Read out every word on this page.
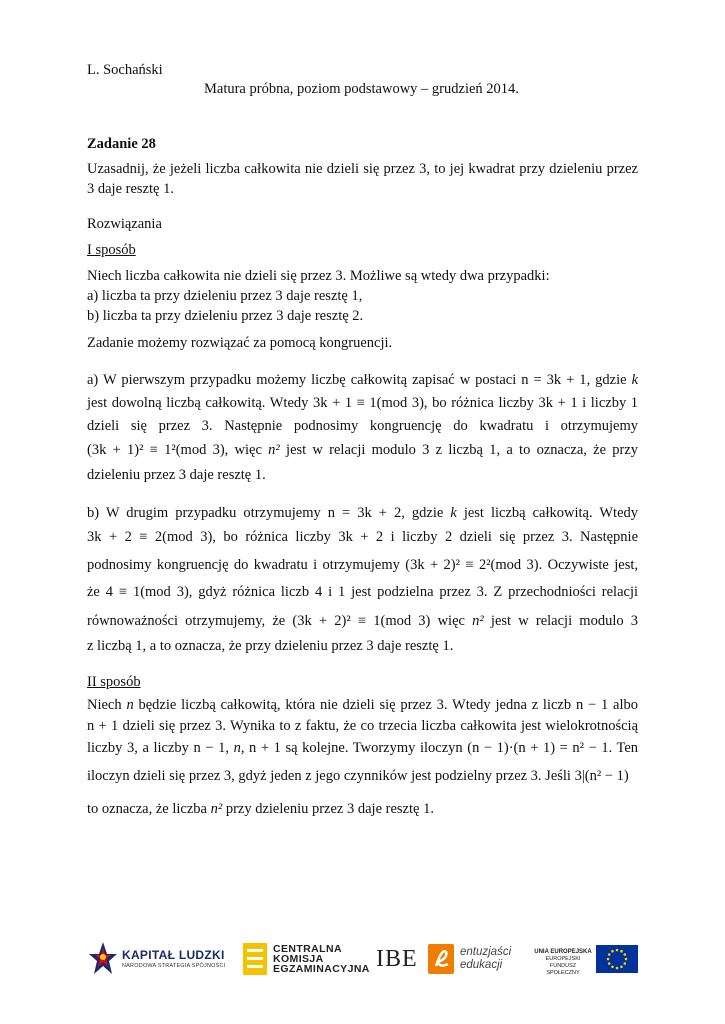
L. Sochański
Matura próbna, poziom podstawowy – grudzień 2014.
Zadanie 28
Uzasadnij, że jeżeli liczba całkowita nie dzieli się przez 3, to jej kwadrat przy dzieleniu przez
3 daje resztę 1.
Rozwiązania
I sposób
Niech liczba całkowita nie dzieli się przez 3. Możliwe są wtedy dwa przypadki:
a) liczba ta przy dzieleniu przez 3 daje resztę 1,
b) liczba ta przy dzieleniu przez 3 daje resztę 2.
Zadanie możemy rozwiązać za pomocą kongruencji.
a) W pierwszym przypadku możemy liczbę całkowitą zapisać w postaci n = 3k + 1, gdzie k
jest dowolną liczbą całkowitą. Wtedy 3k + 1 ≡ 1(mod 3), bo różnica liczby 3k + 1 i liczby 1
dzieli się przez 3. Następnie podnosimy kongruencję do kwadratu i otrzymujemy
(3k + 1)² ≡ 1²(mod 3), więc n² jest w relacji modulo 3 z liczbą 1, a to oznacza, że przy
dzieleniu przez 3 daje resztę 1.
b) W drugim przypadku otrzymujemy n = 3k + 2, gdzie k jest liczbą całkowitą. Wtedy
3k + 2 ≡ 2(mod 3), bo różnica liczby 3k + 2 i liczby 2 dzieli się przez 3. Następnie
podnosimy kongruencję do kwadratu i otrzymujemy (3k + 2)² ≡ 2²(mod 3). Oczywiste jest,
że 4 ≡ 1(mod 3), gdyż różnica liczb 4 i 1 jest podzielna przez 3. Z przechodniości relacji
równoważności otrzymujemy, że (3k + 2)² ≡ 1(mod 3) więc n² jest w relacji modulo 3
z liczbą 1, a to oznacza, że przy dzieleniu przez 3 daje resztę 1.
II sposób
Niech n będzie liczbą całkowitą, która nie dzieli się przez 3. Wtedy jedna z liczb n − 1 albo
n + 1 dzieli się przez 3. Wynika to z faktu, że co trzecia liczba całkowita jest wielokrotnością
liczby 3, a liczby n − 1, n, n + 1 są kolejne. Tworzymy iloczyn (n − 1)·(n + 1) = n² − 1. Ten
iloczyn dzieli się przez 3, gdyż jeden z jego czynników jest podzielny przez 3. Jeśli 3|(n² − 1)
to oznacza, że liczba n² przy dzieleniu przez 3 daje resztę 1.
KAPITAŁ LUDZKI
NARODOWA STRATEGIA SPÓJNOŚCI
CENTRALNA
KOMISJA
EGZAMINACYJNA IBE	entuzjaści
edukacji
UNIA EUROPEJSKA
EUROPEJSKI
FUNDUSZ SPOŁECZNY
